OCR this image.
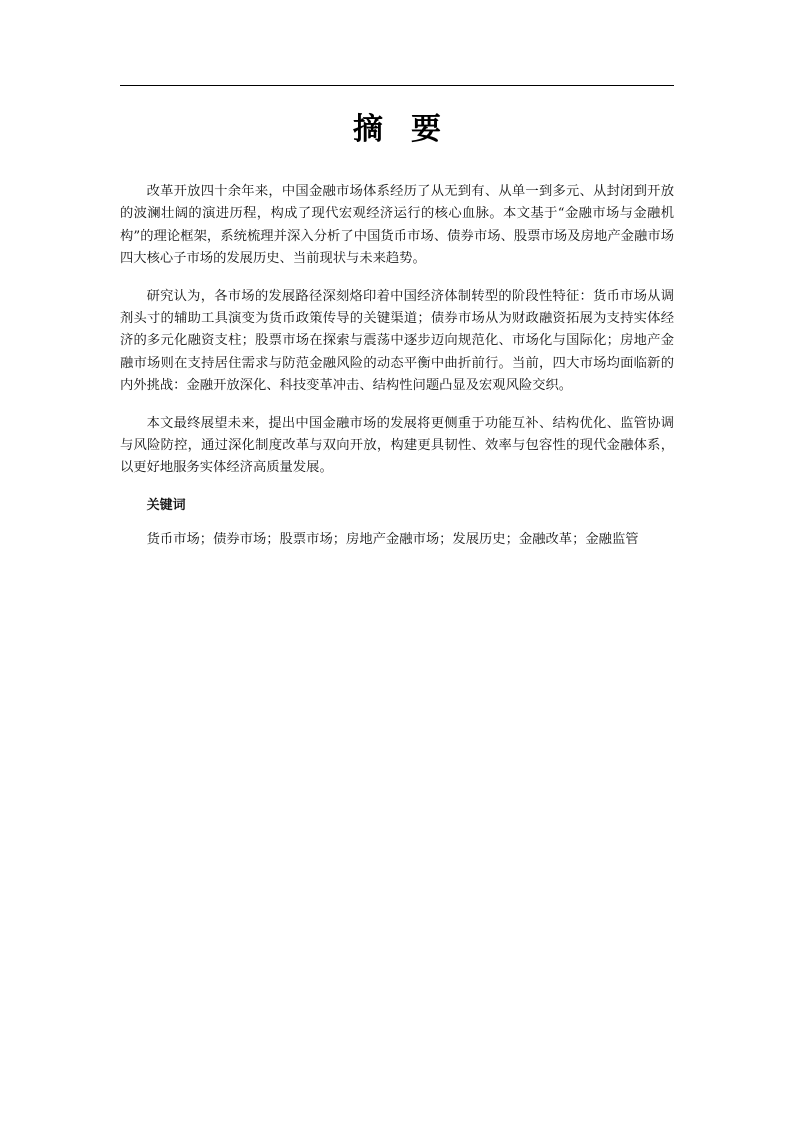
摘要

改革开放四十余年来，中国金融市场体系经历了从无到有、从单一到多元、从封闭到开放的波澜壮阔的演进历程，构成了现代宏观经济运行的核心血脉。本文基于“金融市场与金融机构”的理论框架，系统梳理并深入分析了中国货币市场、债券市场、股票市场及房地产金融市场四大核心子市场的发展历史、当前现状与未来趋势。

研究认为，各市场的发展路径深刻烙印着中国经济体制转型的阶段性特征：货币市场从调剂头寸的辅助工具演变为货币政策传导的关键渠道；债券市场从为财政融资拓展为支持实体经济的多元化融资支柱；股票市场在探索与震荡中逐步迈向规范化、市场化与国际化；房地产金融市场则在支持居住需求与防范金融风险的动态平衡中曲折前行。当前，四大市场均面临新的内外挑战：金融开放深化、科技变革冲击、结构性问题凸显及宏观风险交织。

本文最终展望未来，提出中国金融市场的发展将更侧重于功能互补、结构优化、监管协调与风险防控，通过深化制度改革与双向开放，构建更具韧性、效率与包容性的现代金融体系，以更好地服务实体经济高质量发展。

关键词
货币市场；债券市场；股票市场；房地产金融市场；发展历史；金融改革；金融监管
